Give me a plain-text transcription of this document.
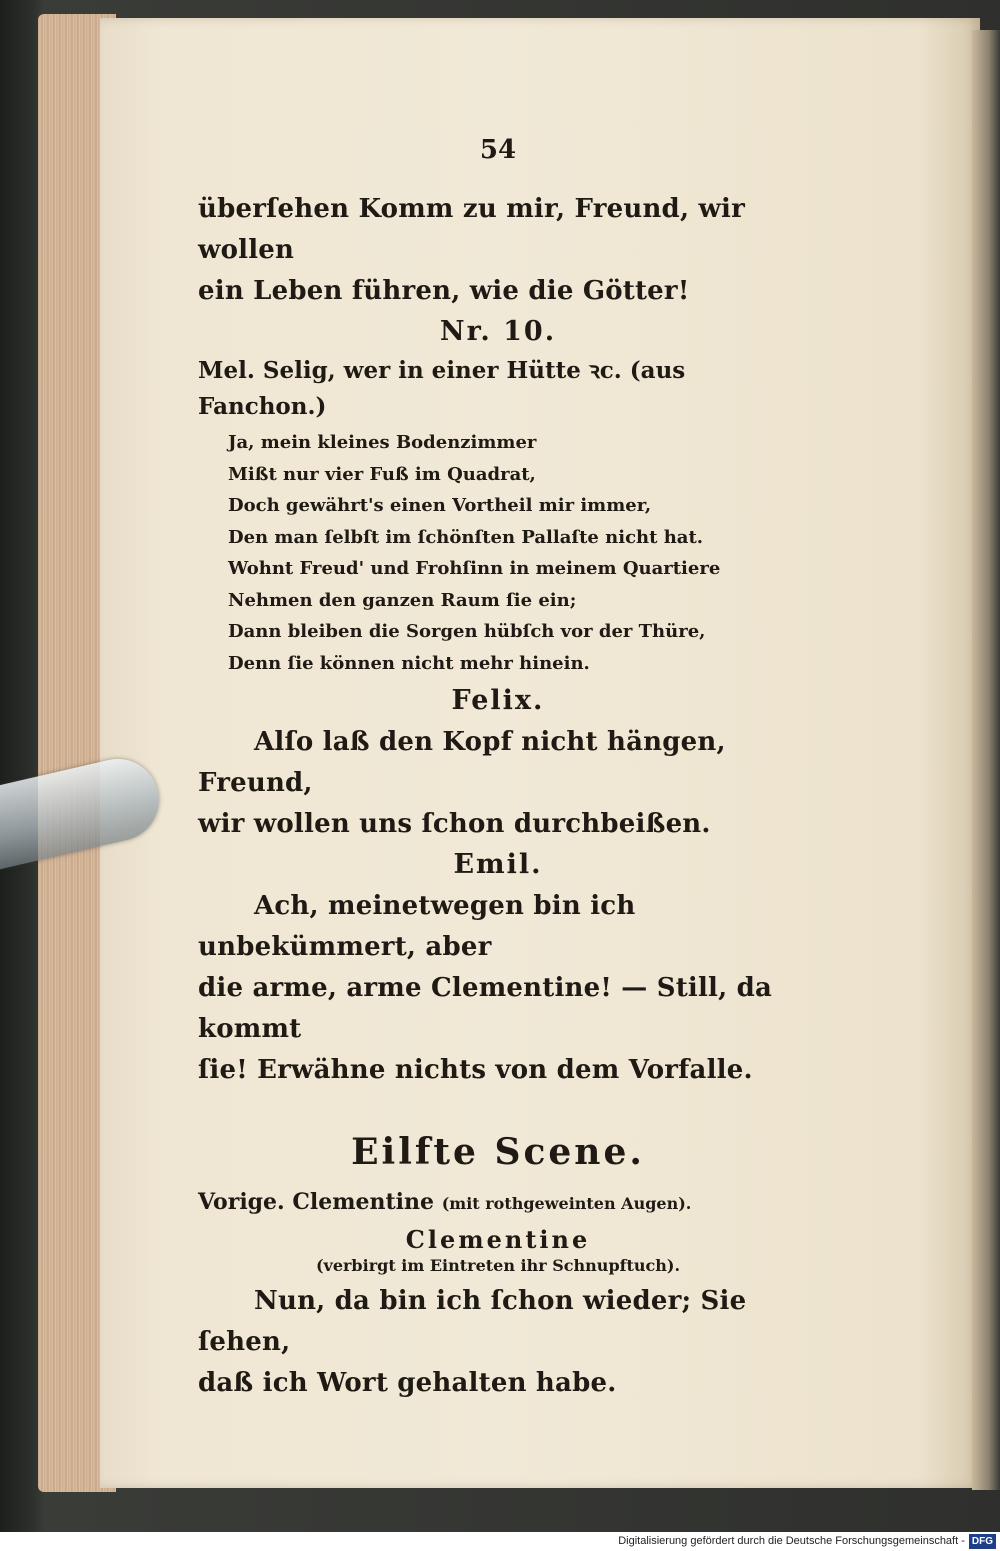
54

überſehen Komm zu mir, Freund, wir wollen

ein Leben führen, wie die Götter!

Nr. 10.

Mel. Selig, wer in einer Hütte ꝛc. (aus Fanchon.)

Ja, mein kleines Bodenzimmer
Mißt nur vier Fuß im Quadrat,
Doch gewährt's einen Vortheil mir immer,
Den man ſelbſt im ſchönſten Pallaſte nicht hat.
Wohnt Freud' und Frohſinn in meinem Quartiere
Nehmen den ganzen Raum ſie ein;
Dann bleiben die Sorgen hübſch vor der Thüre,
Denn ſie können nicht mehr hinein.
Felix.

Alſo laß den Kopf nicht hängen, Freund,

wir wollen uns ſchon durchbeißen.

Emil.

Ach, meinetwegen bin ich unbekümmert, aber

die arme, arme Clementine! — Still, da kommt

ſie! Erwähne nichts von dem Vorfalle.

Eilfte Scene.

Vorige. Clementine (mit rothgeweinten Augen).

Clementine
(verbirgt im Eintreten ihr Schnupftuch).

Nun, da bin ich ſchon wieder; Sie ſehen,

daß ich Wort gehalten habe.

Digitalisierung gefördert durch die Deutsche Forschungsgemeinschaft - DFG
